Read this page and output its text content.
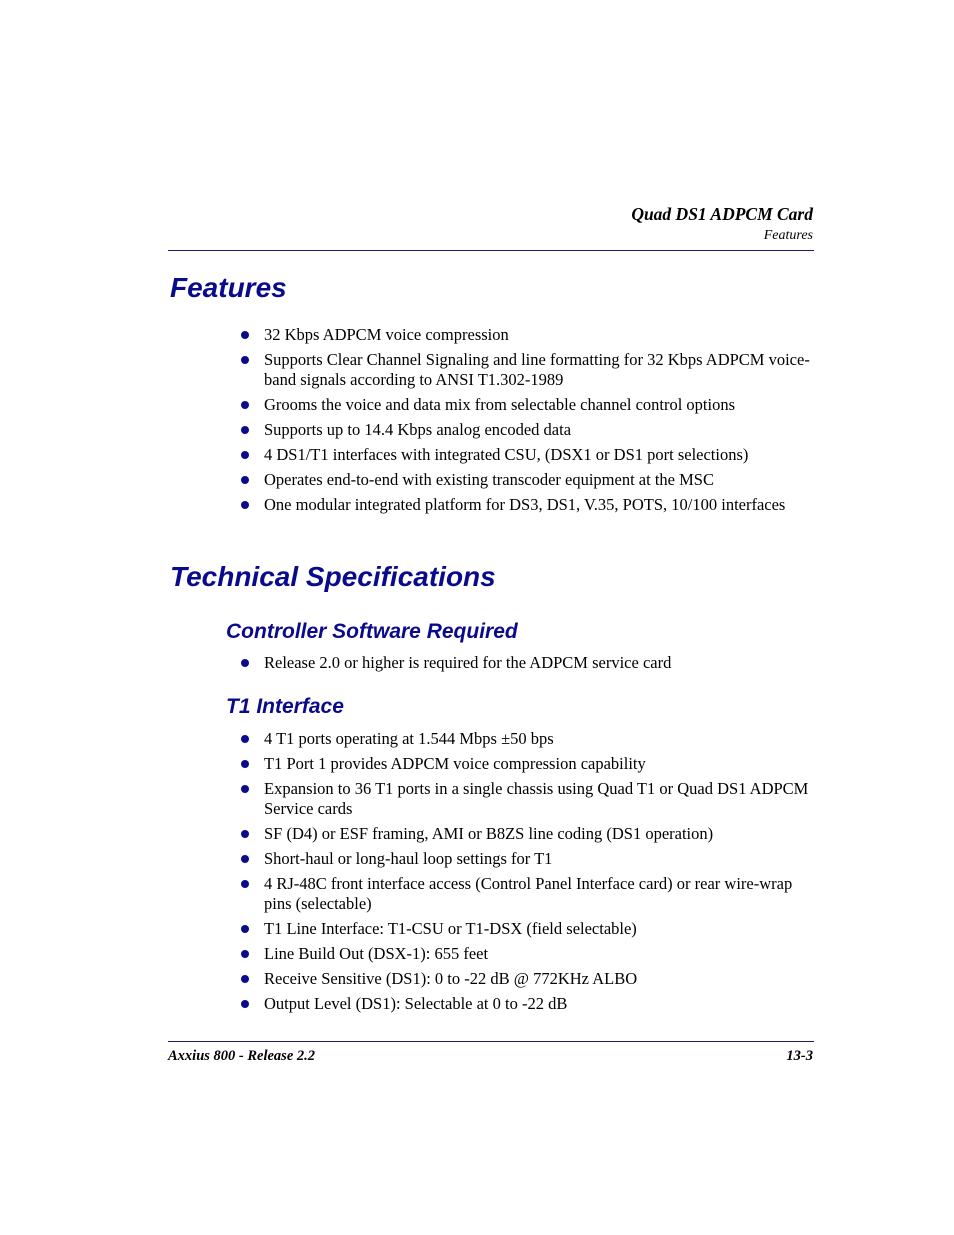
Quad DS1 ADPCM Card
Features
Features
32 Kbps ADPCM voice compression
Supports Clear Channel Signaling and line formatting for 32 Kbps ADPCM voice-band signals according to ANSI T1.302-1989
Grooms the voice and data mix from selectable channel control options
Supports up to 14.4 Kbps analog encoded data
4 DS1/T1 interfaces with integrated CSU, (DSX1 or DS1 port selections)
Operates end-to-end with existing transcoder equipment at the MSC
One modular integrated platform for DS3, DS1, V.35, POTS, 10/100 interfaces
Technical Specifications
Controller Software Required
Release 2.0 or higher is required for the ADPCM service card
T1 Interface
4 T1 ports operating at 1.544 Mbps ±50 bps
T1 Port 1 provides ADPCM voice compression capability
Expansion to 36 T1 ports in a single chassis using Quad T1 or Quad DS1 ADPCM Service cards
SF (D4) or ESF framing, AMI or B8ZS line coding (DS1 operation)
Short-haul or long-haul loop settings for T1
4 RJ-48C front interface access (Control Panel Interface card) or rear wire-wrap pins (selectable)
T1 Line Interface: T1-CSU or T1-DSX (field selectable)
Line Build Out (DSX-1): 655 feet
Receive Sensitive (DS1): 0 to -22 dB @ 772KHz ALBO
Output Level (DS1): Selectable at 0 to -22 dB
Axxius 800 - Release 2.2	13-3
